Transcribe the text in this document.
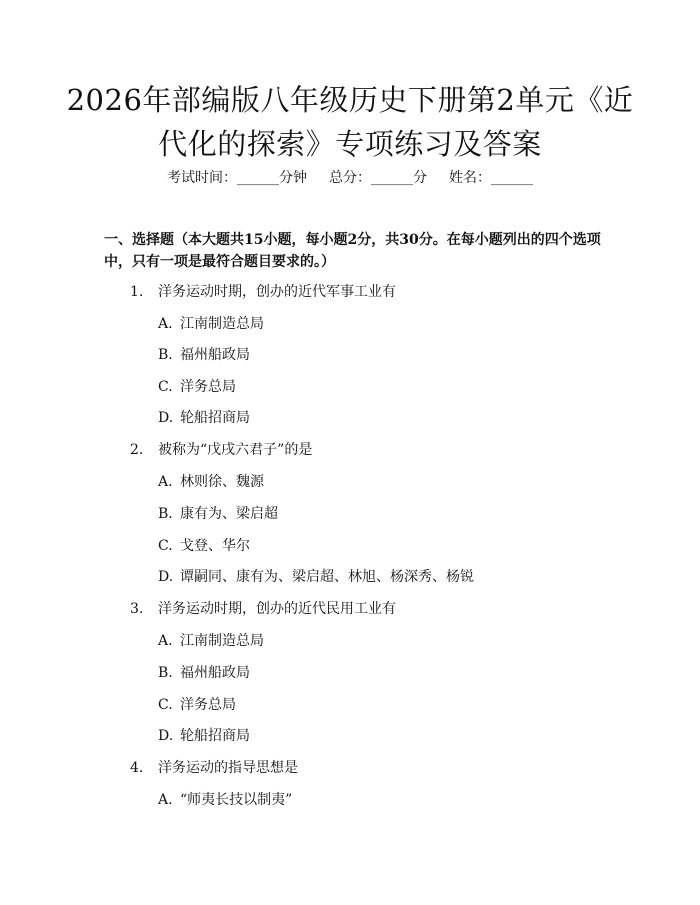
2026年部编版八年级历史下册第2单元《近
代化的探索》专项练习及答案
考试时间：______分钟 总分：______分 姓名：______

一、选择题（本大题共15小题，每小题2分，共30分。在每小题列出的四个选项中，只有一项是最符合题目要求的。）

1. 洋务运动时期，创办的近代军事工业有
A. 江南制造总局
B. 福州船政局
C. 洋务总局
D. 轮船招商局
2. 被称为“戊戌六君子”的是
A. 林则徐、魏源
B. 康有为、梁启超
C. 戈登、华尔
D. 谭嗣同、康有为、梁启超、林旭、杨深秀、杨锐
3. 洋务运动时期，创办的近代民用工业有
A. 江南制造总局
B. 福州船政局
C. 洋务总局
D. 轮船招商局
4. 洋务运动的指导思想是
A. “师夷长技以制夷”
